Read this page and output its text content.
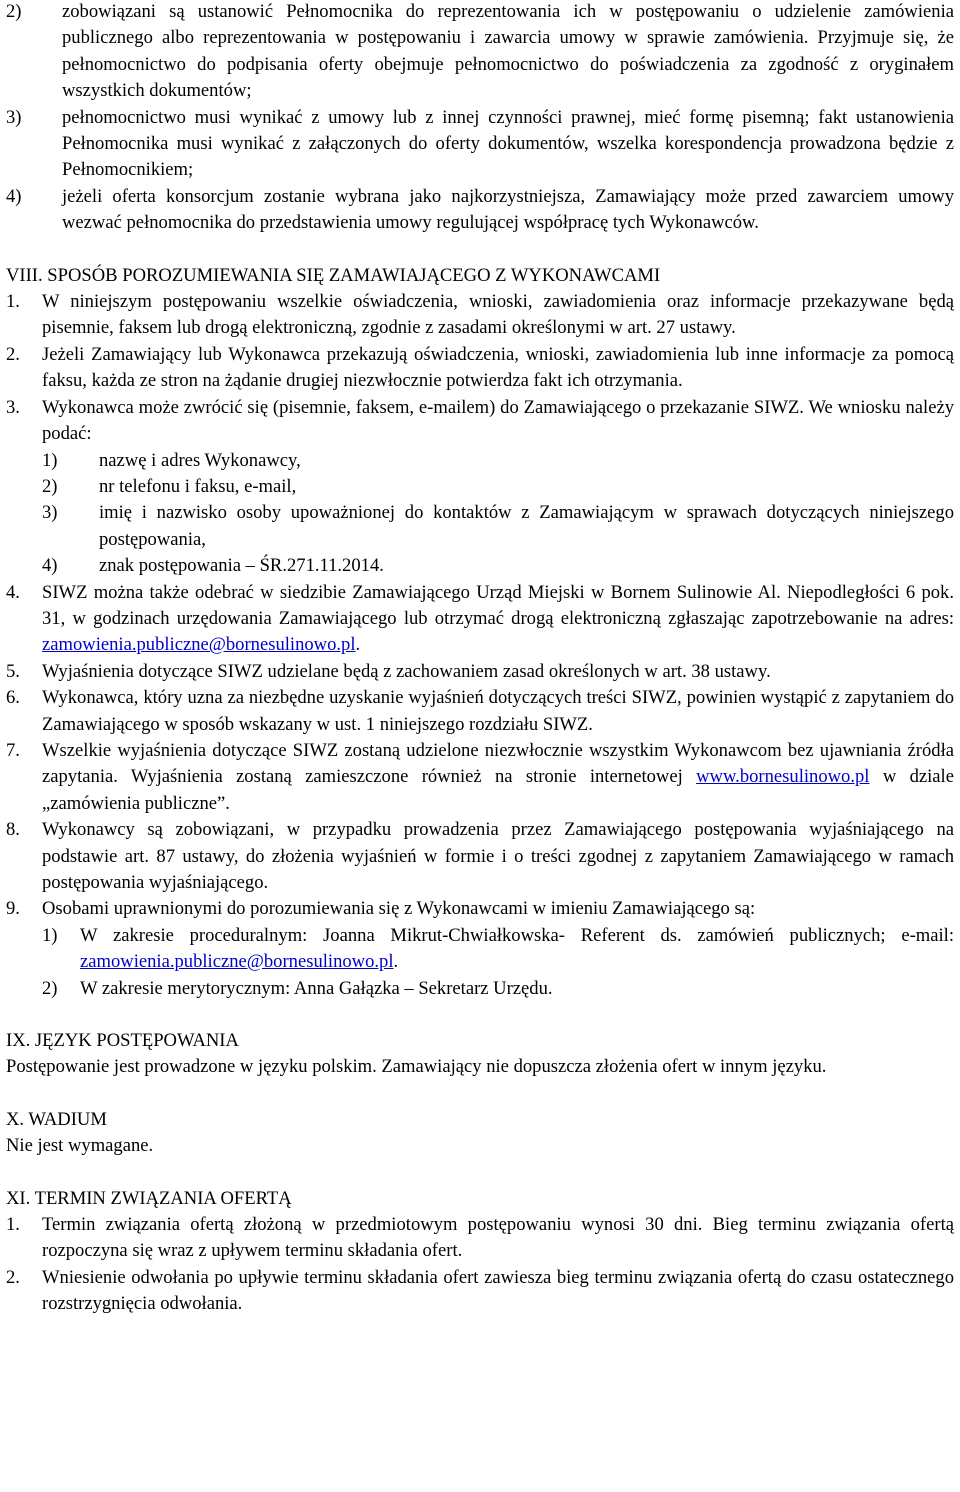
2)	zobowiązani są ustanowić Pełnomocnika do reprezentowania ich w postępowaniu o udzielenie zamówienia publicznego albo reprezentowania w postępowaniu i zawarcia umowy w sprawie zamówienia. Przyjmuje się, że pełnomocnictwo do podpisania oferty obejmuje pełnomocnictwo do poświadczenia za zgodność z oryginałem wszystkich dokumentów;
3)	pełnomocnictwo musi wynikać z umowy lub z innej czynności prawnej, mieć formę pisemną; fakt ustanowienia Pełnomocnika musi wynikać z załączonych do oferty dokumentów, wszelka korespondencja prowadzona będzie z Pełnomocnikiem;
4)	jeżeli oferta konsorcjum zostanie wybrana jako najkorzystniejsza, Zamawiający może przed zawarciem umowy wezwać pełnomocnika do przedstawienia umowy regulującej współpracę tych Wykonawców.
VIII. SPOSÓB POROZUMIEWANIA SIĘ ZAMAWIAJĄCEGO Z WYKONAWCAMI
1.	W niniejszym postępowaniu wszelkie oświadczenia, wnioski, zawiadomienia oraz informacje przekazywane będą pisemnie, faksem lub drogą elektroniczną, zgodnie z zasadami określonymi w art. 27 ustawy.
2.	Jeżeli Zamawiający lub Wykonawca przekazują oświadczenia, wnioski, zawiadomienia lub inne informacje za pomocą faksu, każda ze stron na żądanie drugiej niezwłocznie potwierdza fakt ich otrzymania.
3.	Wykonawca może zwrócić się (pisemnie, faksem, e-mailem) do Zamawiającego o przekazanie SIWZ. We wniosku należy podać:
1)	nazwę i adres Wykonawcy,
2)	nr telefonu i faksu, e-mail,
3)	imię i nazwisko osoby upoważnionej do kontaktów z Zamawiającym w sprawach dotyczących niniejszego postępowania,
4)	znak postępowania – ŚR.271.11.2014.
4.	SIWZ można także odebrać w siedzibie Zamawiającego Urząd Miejski w Bornem Sulinowie Al. Niepodległości 6 pok. 31, w godzinach urzędowania Zamawiającego lub otrzymać drogą elektroniczną zgłaszając zapotrzebowanie na adres: zamowienia.publiczne@bornesulinowo.pl.
5.	Wyjaśnienia dotyczące SIWZ udzielane będą z zachowaniem zasad określonych w art. 38 ustawy.
6.	Wykonawca, który uzna za niezbędne uzyskanie wyjaśnień dotyczących treści SIWZ, powinien wystąpić z zapytaniem do Zamawiającego w sposób wskazany w ust. 1 niniejszego rozdziału SIWZ.
7.	Wszelkie wyjaśnienia dotyczące SIWZ zostaną udzielone niezwłocznie wszystkim Wykonawcom bez ujawniania źródła zapytania. Wyjaśnienia zostaną zamieszczone również na stronie internetowej www.bornesulinowo.pl w dziale „zamówienia publiczne”.
8.	Wykonawcy są zobowiązani, w przypadku prowadzenia przez Zamawiającego postępowania wyjaśniającego na podstawie art. 87 ustawy, do złożenia wyjaśnień w formie i o treści zgodnej z zapytaniem Zamawiającego w ramach postępowania wyjaśniającego.
9.	Osobami uprawnionymi do porozumiewania się z Wykonawcami w imieniu Zamawiającego są:
1)	W zakresie proceduralnym: Joanna Mikrut-Chwiałkowska- Referent ds. zamówień publicznych; e-mail: zamowienia.publiczne@bornesulinowo.pl.
2)	W zakresie merytorycznym: Anna Gałązka – Sekretarz Urzędu.
IX. JĘZYK POSTĘPOWANIA

Postępowanie jest prowadzone w języku polskim. Zamawiający nie dopuszcza złożenia ofert w innym języku.

X. WADIUM

Nie jest wymagane.

XI. TERMIN ZWIĄZANIA OFERTĄ
1.	Termin związania ofertą złożoną w przedmiotowym postępowaniu wynosi 30 dni. Bieg terminu związania ofertą rozpoczyna się wraz z upływem terminu składania ofert.
2.	Wniesienie odwołania po upływie terminu składania ofert zawiesza bieg terminu związania ofertą do czasu ostatecznego rozstrzygnięcia odwołania.
